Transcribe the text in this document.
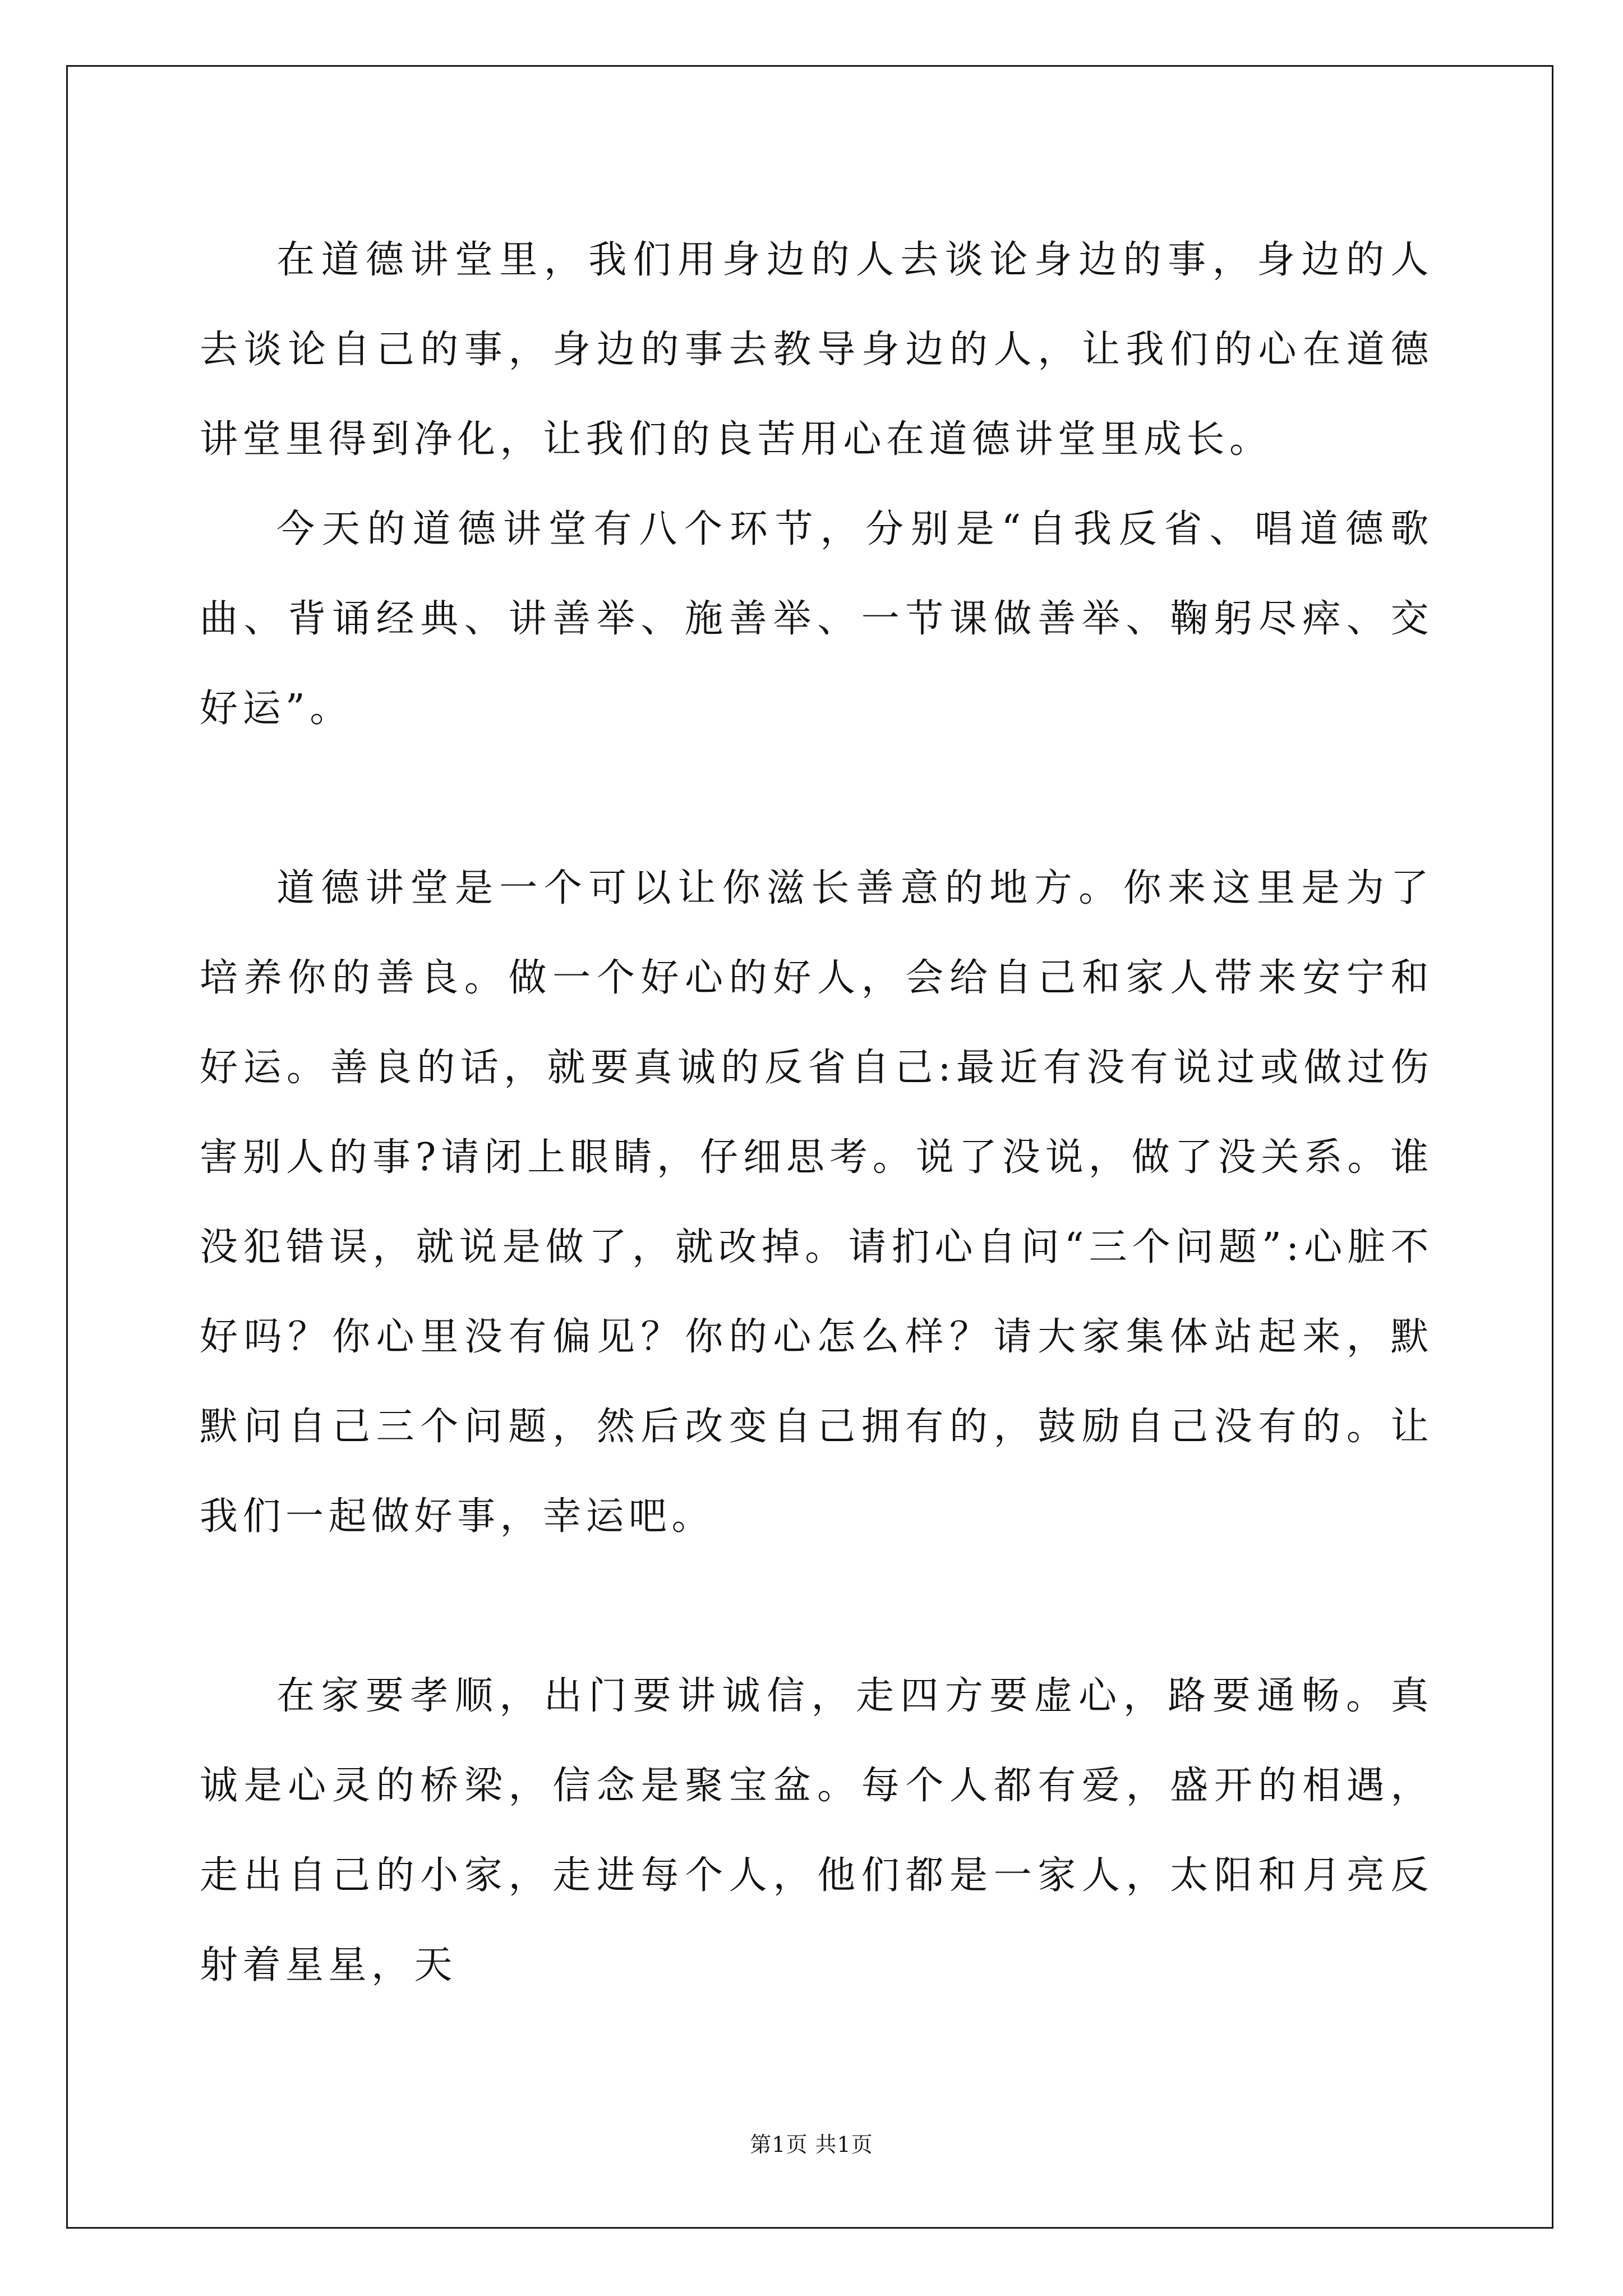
在道德讲堂里，我们用身边的人去谈论身边的事，身边的人去谈论自己的事，身边的事去教导身边的人，让我们的心在道德讲堂里得到净化，让我们的良苦用心在道德讲堂里成长。

今天的道德讲堂有八个环节，分别是“自我反省、唱道德歌曲、背诵经典、讲善举、施善举、一节课做善举、鞠躬尽瘁、交好运”。

道德讲堂是一个可以让你滋长善意的地方。你来这里是为了培养你的善良。做一个好心的好人，会给自己和家人带来安宁和好运。善良的话，就要真诚的反省自己:最近有没有说过或做过伤害别人的事?请闭上眼睛，仔细思考。说了没说，做了没关系。谁没犯错误，就说是做了，就改掉。请扪心自问“三个问题”:心脏不好吗？你心里没有偏见？你的心怎么样？请大家集体站起来，默默问自己三个问题，然后改变自己拥有的，鼓励自己没有的。让我们一起做好事，幸运吧。

在家要孝顺，出门要讲诚信，走四方要虚心，路要通畅。真诚是心灵的桥梁，信念是聚宝盆。每个人都有爱，盛开的相遇，走出自己的小家，走进每个人，他们都是一家人，太阳和月亮反射着星星，天

第1页 共1页
